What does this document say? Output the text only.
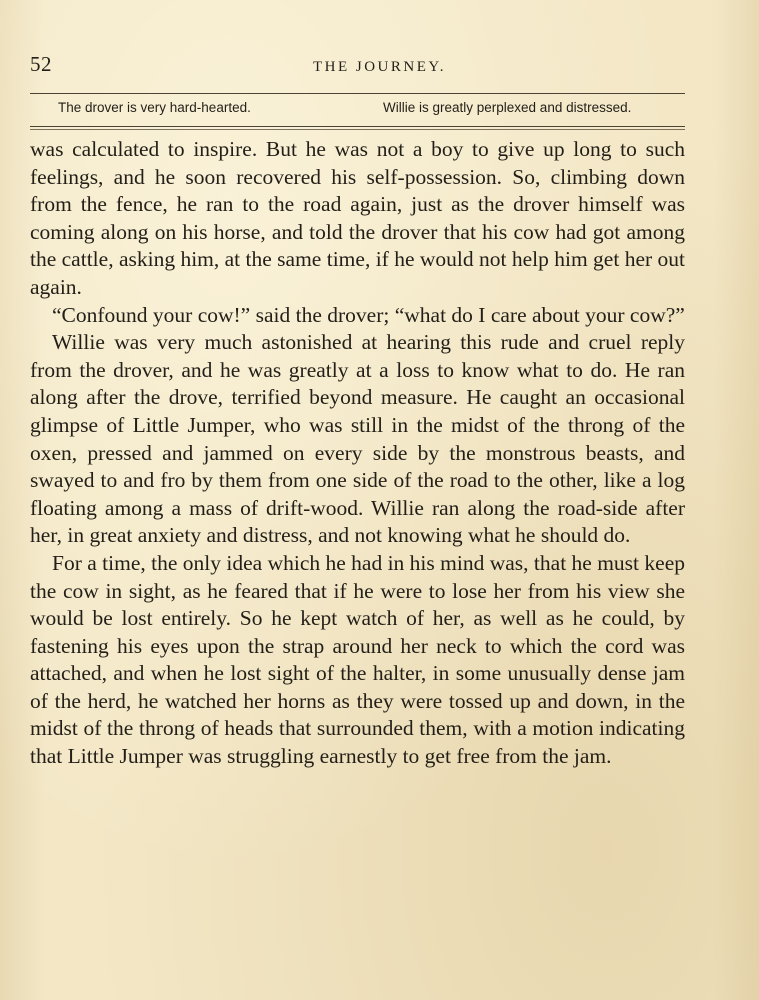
52	THE JOURNEY.
The drover is very hard-hearted.	Willie is greatly perplexed and distressed.

was calculated to inspire. But he was not a boy to give up long to such feelings, and he soon recovered his self-possession. So, climbing down from the fence, he ran to the road again, just as the drover himself was coming along on his horse, and told the drover that his cow had got among the cattle, asking him, at the same time, if he would not help him get her out again.

“Confound your cow!” said the drover; “what do I care about your cow?”

Willie was very much astonished at hearing this rude and cruel reply from the drover, and he was greatly at a loss to know what to do. He ran along after the drove, terrified beyond measure. He caught an occasional glimpse of Little Jumper, who was still in the midst of the throng of the oxen, pressed and jammed on every side by the monstrous beasts, and swayed to and fro by them from one side of the road to the other, like a log floating among a mass of drift-wood. Willie ran along the road-side after her, in great anxiety and distress, and not knowing what he should do.

For a time, the only idea which he had in his mind was, that he must keep the cow in sight, as he feared that if he were to lose her from his view she would be lost entirely. So he kept watch of her, as well as he could, by fastening his eyes upon the strap around her neck to which the cord was attached, and when he lost sight of the halter, in some unusually dense jam of the herd, he watched her horns as they were tossed up and down, in the midst of the throng of heads that surrounded them, with a motion indicating that Little Jumper was struggling earnestly to get free from the jam.
